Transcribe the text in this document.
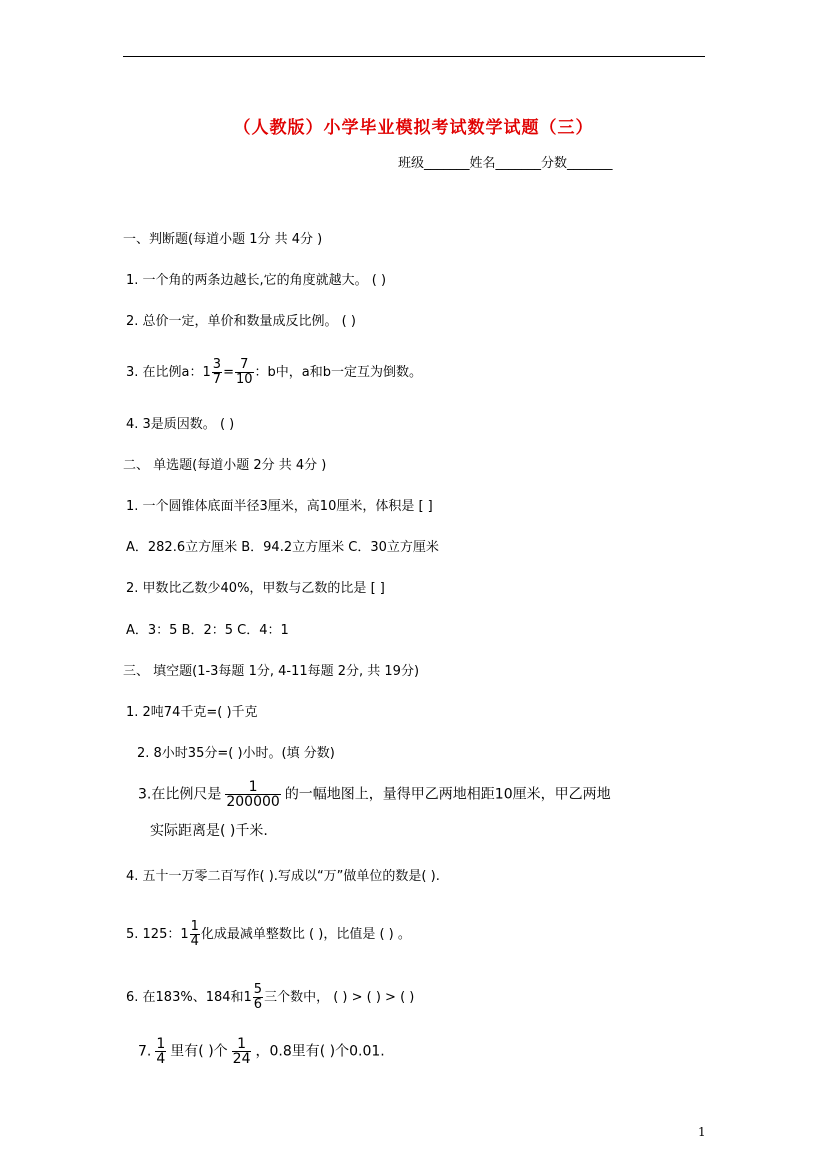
（人教版）小学毕业模拟考试数学试题（三）
班级_______姓名_______分数_______
一、判断题(每道小题 1分 共 4分 )
1. 一个角的两条边越长,它的角度就越大。 ( )
2. 总价一定，单价和数量成反比例。 ( )
3. 在比例a：$1 \frac{3}{7} = \frac{7}{10}$ ：b中，a和b一定互为倒数。
4. 3是质因数。 ( )
二、 单选题(每道小题 2分 共 4分 )
1. 一个圆锥体底面半径3厘米，高10厘米，体积是 [ ]
A．282.6立方厘米 B．94.2立方厘米 C．30立方厘米
2. 甲数比乙数少40%，甲数与乙数的比是 [ ]
A．3：5 B．2：5 C．4：1
三、 填空题(1-3每题 1分, 4-11每题 2分, 共 19分)
1. 2吨74千克=( )千克
2. 8小时35分=( )小时。(填 分数)
3.在比例尺是 $\frac{1}{200000}$ 的一幅地图上，量得甲乙两地相距10厘米，甲乙两地
实际距离是( )千米.
4. 五十一万零二百写作( ).写成以“万”做单位的数是( ).
5. 125：$1 \frac{1}{4}$ 化成最减单整数比 ( )，比值是 ( ) 。
6. 在183%、184和$1 \frac{5}{6}$ 三个数中， ( ) > ( ) > ( )
7. $\frac{1}{4}$ 里有( )个 $\frac{1}{24}$ ，0.8里有( )个0.01.
1
